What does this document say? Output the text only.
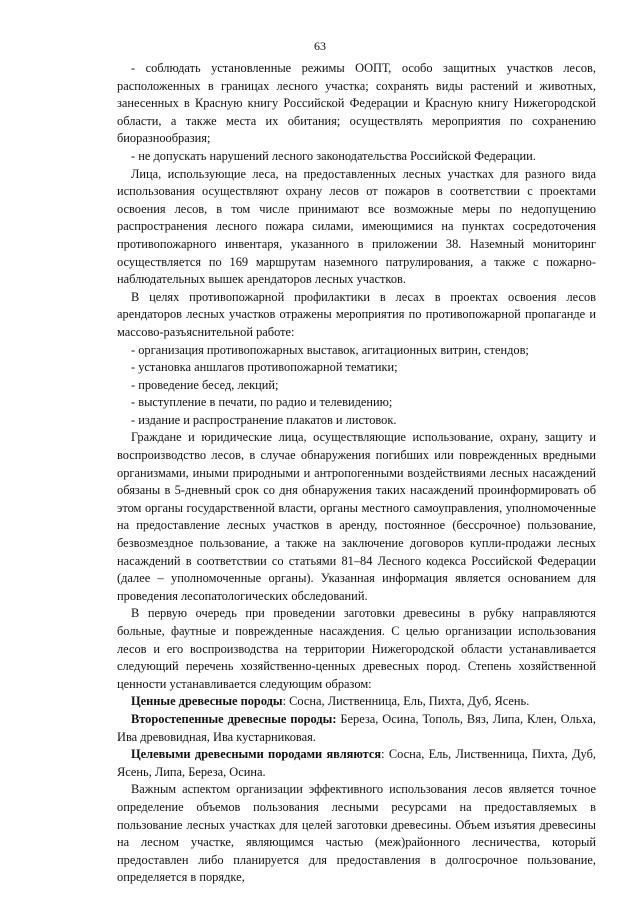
63

- соблюдать установленные режимы ООПТ, особо защитных участков лесов, расположенных в границах лесного участка; сохранять виды растений и животных, занесенных в Красную книгу Российской Федерации и Красную книгу Нижегородской области, а также места их обитания; осуществлять мероприятия по сохранению биоразнообразия;

- не допускать нарушений лесного законодательства Российской Федерации.

Лица, использующие леса, на предоставленных лесных участках для разного вида использования осуществляют охрану лесов от пожаров в соответствии с проектами освоения лесов, в том числе принимают все возможные меры по недопущению распространения лесного пожара силами, имеющимися на пунктах сосредоточения противопожарного инвентаря, указанного в приложении 38. Наземный мониторинг осуществляется по 169 маршрутам наземного патрулирования, а также с пожарно-наблюдательных вышек арендаторов лесных участков.

В целях противопожарной профилактики в лесах в проектах освоения лесов арендаторов лесных участков отражены мероприятия по противопожарной пропаганде и массово-разъяснительной работе:

- организация противопожарных выставок, агитационных витрин, стендов;

- установка аншлагов противопожарной тематики;

- проведение бесед, лекций;

- выступление в печати, по радио и телевидению;

- издание и распространение плакатов и листовок.

Граждане и юридические лица, осуществляющие использование, охрану, защиту и воспроизводство лесов, в случае обнаружения погибших или поврежденных вредными организмами, иными природными и антропогенными воздействиями лесных насаждений обязаны в 5-дневный срок со дня обнаружения таких насаждений проинформировать об этом органы государственной власти, органы местного самоуправления, уполномоченные на предоставление лесных участков в аренду, постоянное (бессрочное) пользование, безвозмездное пользование, а также на заключение договоров купли-продажи лесных насаждений в соответствии со статьями 81–84 Лесного кодекса Российской Федерации (далее – уполномоченные органы). Указанная информация является основанием для проведения лесопатологических обследований.

В первую очередь при проведении заготовки древесины в рубку направляются больные, фаутные и поврежденные насаждения. С целью организации использования лесов и его воспроизводства на территории Нижегородской области устанавливается следующий перечень хозяйственно-ценных древесных пород. Степень хозяйственной ценности устанавливается следующим образом:

Ценные древесные породы: Сосна, Лиственница, Ель, Пихта, Дуб, Ясень.

Второстепенные древесные породы: Береза, Осина, Тополь, Вяз, Липа, Клен, Ольха, Ива древовидная, Ива кустарниковая.

Целевыми древесными породами являются: Сосна, Ель, Лиственница, Пихта, Дуб, Ясень, Липа, Береза, Осина.

Важным аспектом организации эффективного использования лесов является точное определение объемов пользования лесными ресурсами на предоставляемых в пользование лесных участках для целей заготовки древесины. Объем изъятия древесины на лесном участке, являющимся частью (меж)районного лесничества, который предоставлен либо планируется для предоставления в долгосрочное пользование, определяется в порядке,
